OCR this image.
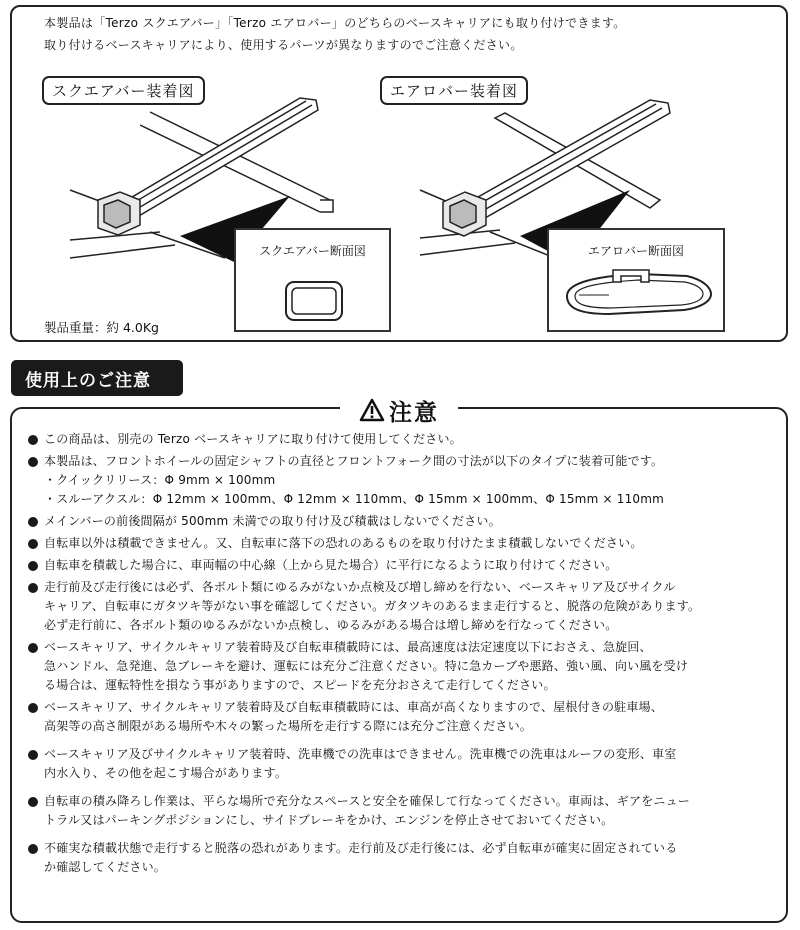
本製品は「Terzo スクエアバー」「Terzo エアロバー」のどちらのベースキャリアにも取り付けできます。
取り付けるベースキャリアにより、使用するパーツが異なりますのでご注意ください。
スクエアバー装着図	エアロバー装着図
スクエアバー断面図	エアロバー断面図
製品重量：約 4.0Kg
使用上のご注意
注意
この商品は、別売の Terzo ベースキャリアに取り付けて使用してください。
本製品は、フロントホイールの固定シャフトの直径とフロントフォーク間の寸法が以下のタイプに装着可能です。
・クイックリリース：Φ 9mm × 100mm
・スルーアクスル：Φ 12mm × 100mm、Φ 12mm × 110mm、Φ 15mm × 100mm、Φ 15mm × 110mm
メインバーの前後間隔が 500mm 未満での取り付け及び積載はしないでください。
自転車以外は積載できません。又、自転車に落下の恐れのあるものを取り付けたまま積載しないでください。
自転車を積載した場合に、車両幅の中心線（上から見た場合）に平行になるように取り付けてください。
走行前及び走行後には必ず、各ボルト類にゆるみがないか点検及び増し締めを行ない、ベースキャリア及びサイクル
キャリア、自転車にガタツキ等がない事を確認してください。ガタツキのあるまま走行すると、脱落の危険があります。
必ず走行前に、各ボルト類のゆるみがないか点検し、ゆるみがある場合は増し締めを行なってください。
ベースキャリア、サイクルキャリア装着時及び自転車積載時には、最高速度は法定速度以下におさえ、急旋回、
急ハンドル、急発進、急ブレーキを避け、運転には充分ご注意ください。特に急カーブや悪路、強い風、向い風を受け
る場合は、運転特性を損なう事がありますので、スピードを充分おさえて走行してください。
ベースキャリア、サイクルキャリア装着時及び自転車積載時には、車高が高くなりますので、屋根付きの駐車場、
高架等の高さ制限がある場所や木々の繁った場所を走行する際には充分ご注意ください。
ベースキャリア及びサイクルキャリア装着時、洗車機での洗車はできません。洗車機での洗車はルーフの変形、車室
内水入り、その他を起こす場合があります。
自転車の積み降ろし作業は、平らな場所で充分なスペースと安全を確保して行なってください。車両は、ギアをニュー
トラル又はパーキングポジションにし、サイドブレーキをかけ、エンジンを停止させておいてください。
不確実な積載状態で走行すると脱落の恐れがあります。走行前及び走行後には、必ず自転車が確実に固定されている
か確認してください。
